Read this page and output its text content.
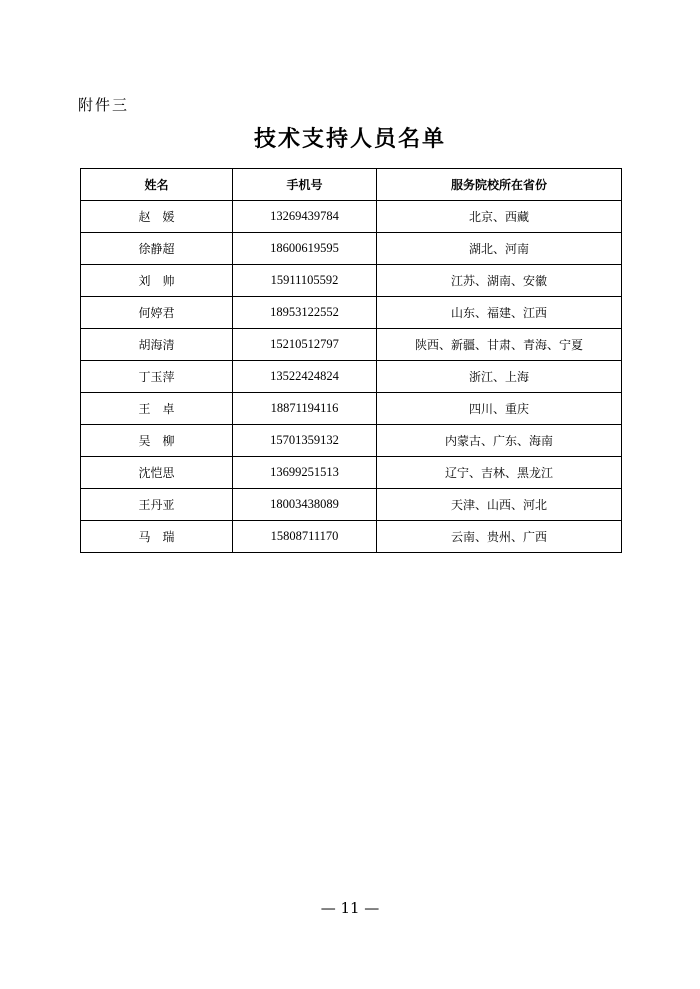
附件三
技术支持人员名单
姓名	手机号	服务院校所在省份
赵　媛	13269439784	北京、西藏
徐静超	18600619595	湖北、河南
刘　帅	15911105592	江苏、湖南、安徽
何婷君	18953122552	山东、福建、江西
胡海清	15210512797	陕西、新疆、甘肃、青海、宁夏
丁玉萍	13522424824	浙江、上海
王　卓	18871194116	四川、重庆
吴　柳	15701359132	内蒙古、广东、海南
沈恺思	13699251513	辽宁、吉林、黑龙江
王丹亚	18003438089	天津、山西、河北
马　瑞	15808711170	云南、贵州、广西
— 11 —
